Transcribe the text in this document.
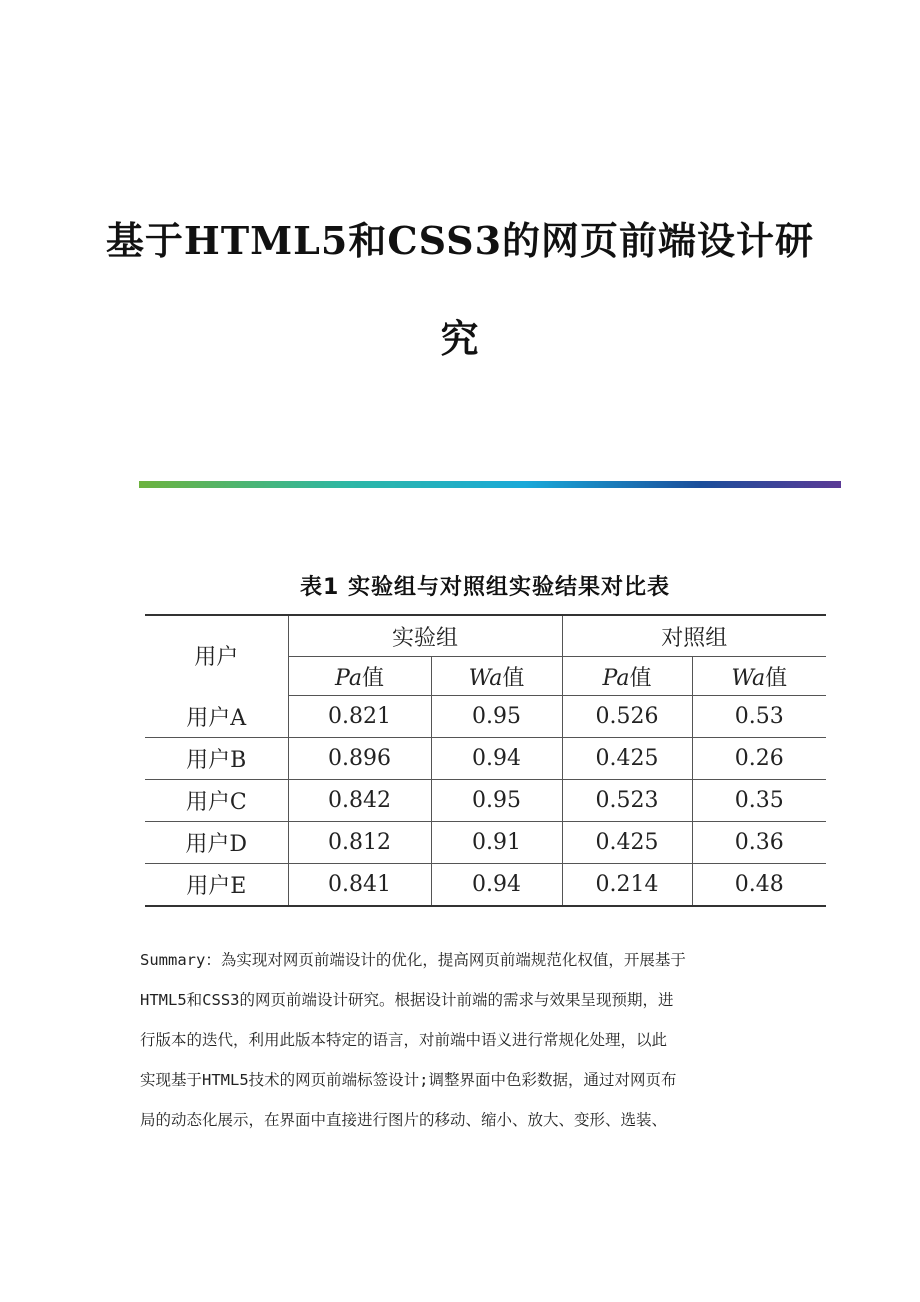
基于HTML5和CSS3的网页前端设计研
究
表1 实验组与对照组实验结果对比表
用户	实验组		对照组	
	Pa值	Wa值	Pa值	Wa值
用户A	0.821	0.95	0.526	0.53
用户B	0.896	0.94	0.425	0.26
用户C	0.842	0.95	0.523	0.35
用户D	0.812	0.91	0.425	0.36
用户E	0.841	0.94	0.214	0.48

Summary：為实现对网页前端设计的优化，提高网页前端规范化权值，开展基于

HTML5和CSS3的网页前端设计研究。根据设计前端的需求与效果呈现预期，进

行版本的迭代，利用此版本特定的语言，对前端中语义进行常规化处理，以此

实现基于HTML5技术的网页前端标签设计;调整界面中色彩数据，通过对网页布

局的动态化展示，在界面中直接进行图片的移动、缩小、放大、变形、选装、
